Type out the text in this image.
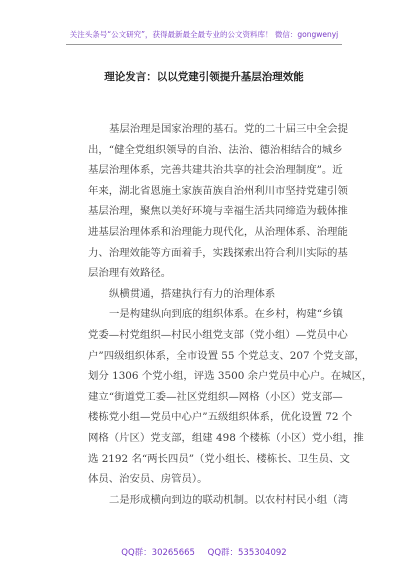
关注头条号“公文研究”，获得最新最全最专业的公文资料库！ 微信：gongwenyj
理论发言：以以党建引领提升基层治理效能
基层治理是国家治理的基石。党的二十届三中全会提
出，“健全党组织领导的自治、法治、德治相结合的城乡
基层治理体系，完善共建共治共享的社会治理制度”。近
年来，湖北省恩施土家族苗族自治州利川市坚持党建引领
基层治理，聚焦以美好环境与幸福生活共同缔造为载体推
进基层治理体系和治理能力现代化，从治理体系、治理能
力、治理效能等方面着手，实践探索出符合利川实际的基
层治理有效路径。
纵横贯通，搭建执行有力的治理体系
一是构建纵向到底的组织体系。在乡村，构建“乡镇
党委—村党组织—村民小组党支部（党小组）—党员中心
户”四级组织体系，全市设置 55 个党总支、207 个党支部，
划分 1306 个党小组，评选 3500 余户党员中心户。在城区，
建立“街道党工委—社区党组织—网格（小区）党支部—
楼栋党小组—党员中心户”五级组织体系，优化设置 72 个
网格（片区）党支部，组建 498 个楼栋（小区）党小组，推
选 2192 名“两长四员”（党小组长、楼栋长、卫生员、文
体员、治安员、房管员）。
二是形成横向到边的联动机制。以农村村民小组（湾
QQ群：30265665 QQ群：535304092
